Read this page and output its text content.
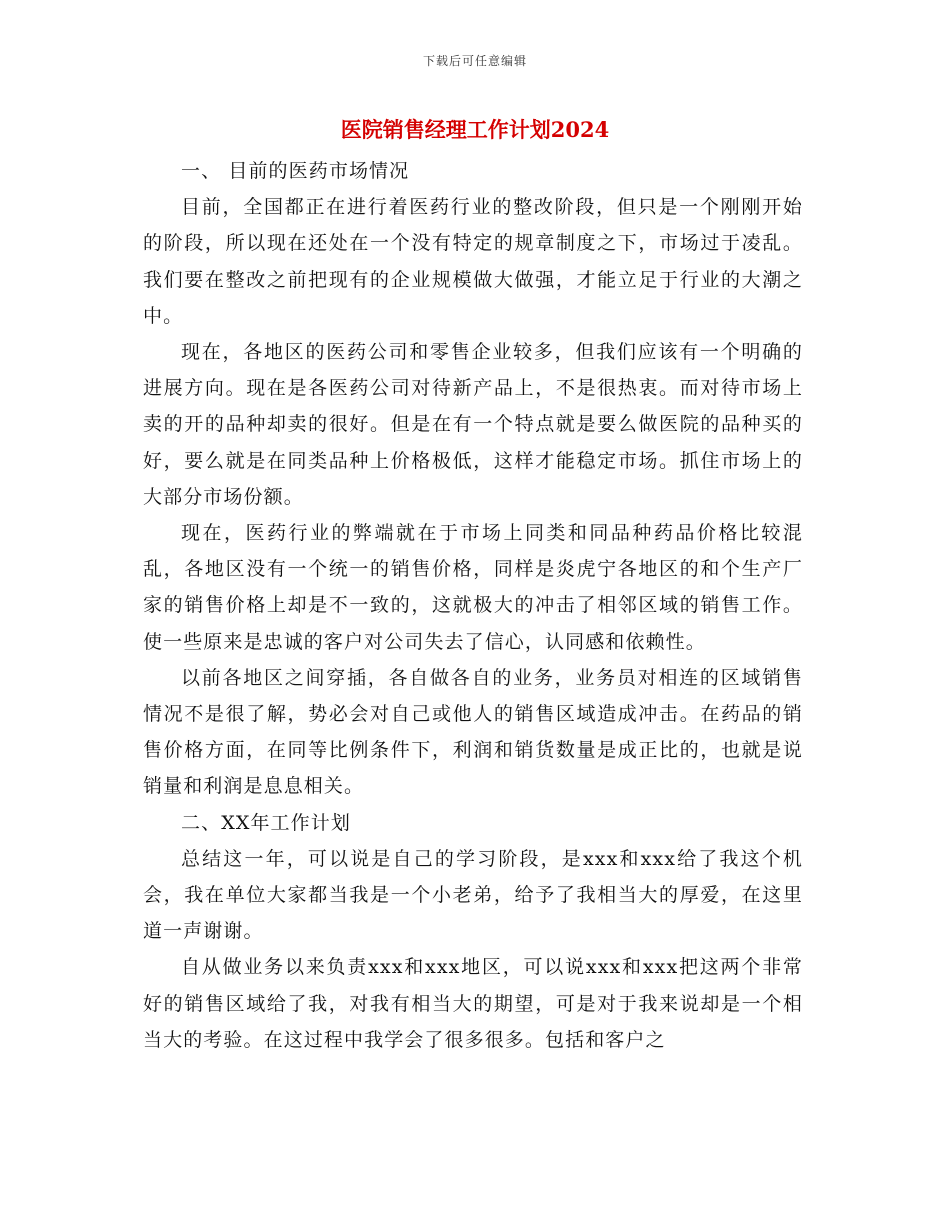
下载后可任意编辑
医院销售经理工作计划2024

一、 目前的医药市场情况

目前，全国都正在进行着医药行业的整改阶段，但只是一个刚刚开始的阶段，所以现在还处在一个没有特定的规章制度之下，市场过于凌乱。我们要在整改之前把现有的企业规模做大做强，才能立足于行业的大潮之中。

现在，各地区的医药公司和零售企业较多，但我们应该有一个明确的进展方向。现在是各医药公司对待新产品上，不是很热衷。而对待市场上卖的开的品种却卖的很好。但是在有一个特点就是要么做医院的品种买的好，要么就是在同类品种上价格极低，这样才能稳定市场。抓住市场上的大部分市场份额。

现在，医药行业的弊端就在于市场上同类和同品种药品价格比较混乱，各地区没有一个统一的销售价格，同样是炎虎宁各地区的和个生产厂家的销售价格上却是不一致的，这就极大的冲击了相邻区域的销售工作。使一些原来是忠诚的客户对公司失去了信心，认同感和依赖性。

以前各地区之间穿插，各自做各自的业务，业务员对相连的区域销售情况不是很了解，势必会对自己或他人的销售区域造成冲击。在药品的销售价格方面，在同等比例条件下，利润和销货数量是成正比的，也就是说销量和利润是息息相关。

二、XX年工作计划

总结这一年，可以说是自己的学习阶段，是xxx和xxx给了我这个机会，我在单位大家都当我是一个小老弟，给予了我相当大的厚爱，在这里道一声谢谢。

自从做业务以来负责xxx和xxx地区，可以说xxx和xxx把这两个非常好的销售区域给了我，对我有相当大的期望，可是对于我来说却是一个相当大的考验。在这过程中我学会了很多很多。包括和客户之
